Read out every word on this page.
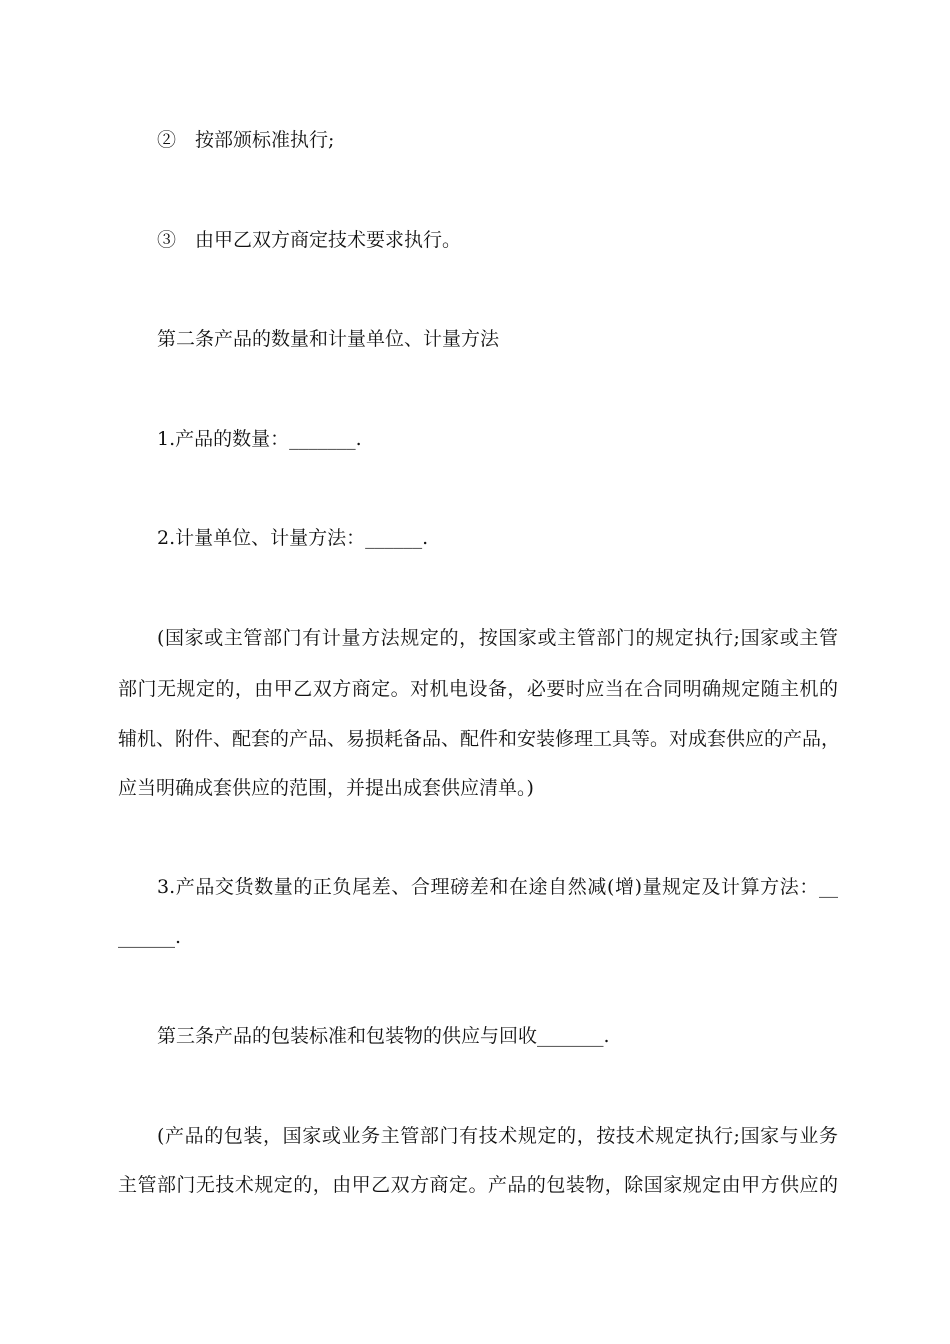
②　按部颁标准执行;
③　由甲乙双方商定技术要求执行。
第二条产品的数量和计量单位、计量方法
1.产品的数量：_______.
2.计量单位、计量方法：______.
(国家或主管部门有计量方法规定的，按国家或主管部门的规定执行;国家或主管
部门无规定的，由甲乙双方商定。对机电设备，必要时应当在合同明确规定随主机的
辅机、附件、配套的产品、易损耗备品、配件和安装修理工具等。对成套供应的产品，
应当明确成套供应的范围，并提出成套供应清单。)
3.产品交货数量的正负尾差、合理磅差和在途自然减(增)量规定及计算方法：__
______.
第三条产品的包装标准和包装物的供应与回收_______.
(产品的包装，国家或业务主管部门有技术规定的，按技术规定执行;国家与业务
主管部门无技术规定的，由甲乙双方商定。产品的包装物，除国家规定由甲方供应的
